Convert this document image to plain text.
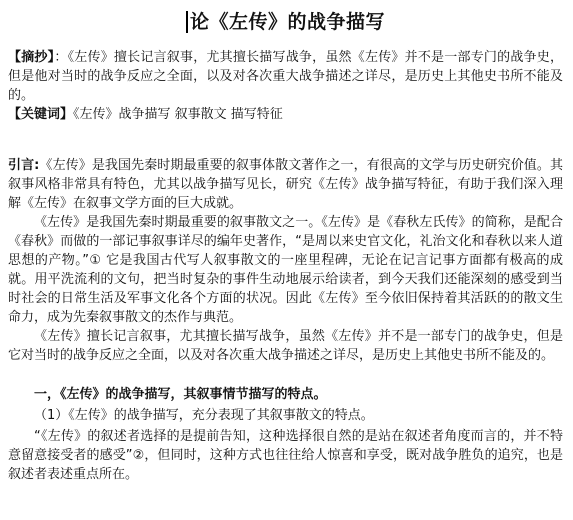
论《左传》的战争描写
【摘抄】：《左传》擅长记言叙事，尤其擅长描写战争，虽然《左传》并不是一部专门的战争史，但是他对当时的战争反应之全面，以及对各次重大战争描述之详尽，是历史上其他史书所不能及的。
【关键词】《左传》战争描写 叙事散文 描写特征
引言:《左传》是我国先秦时期最重要的叙事体散文著作之一，有很高的文学与历史研究价值。其叙事风格非常具有特色，尤其以战争描写见长，研究《左传》战争描写特征，有助于我们深入理解《左传》在叙事文学方面的巨大成就。
《左传》是我国先秦时期最重要的叙事散文之一。《左传》是《春秋左氏传》的简称，是配合《春秋》而做的一部记事叙事详尽的编年史著作，“是周以来史官文化，礼治文化和春秋以来人道思想的产物。”① 它是我国古代写人叙事散文的一座里程碑，无论在记言记事方面都有极高的成就。用平洗流利的文句，把当时复杂的事件生动地展示给读者，到今天我们还能深刻的感受到当时社会的日常生活及军事文化各个方面的状况。因此《左传》至今依旧保持着其活跃的的散文生命力，成为先秦叙事散文的杰作与典范。
《左传》擅长记言叙事，尤其擅长描写战争，虽然《左传》并不是一部专门的战争史，但是它对当时的战争反应之全面，以及对各次重大战争描述之详尽，是历史上其他史书所不能及的。
一，《左传》的战争描写，其叙事情节描写的特点。
（1）《左传》的战争描写，充分表现了其叙事散文的特点。
“《左传》的叙述者选择的是提前告知，这种选择很自然的是站在叙述者角度而言的，并不特意留意接受者的感受”②，但同时，这种方式也往往给人惊喜和享受，既对战争胜负的追究，也是叙述者表述重点所在。
